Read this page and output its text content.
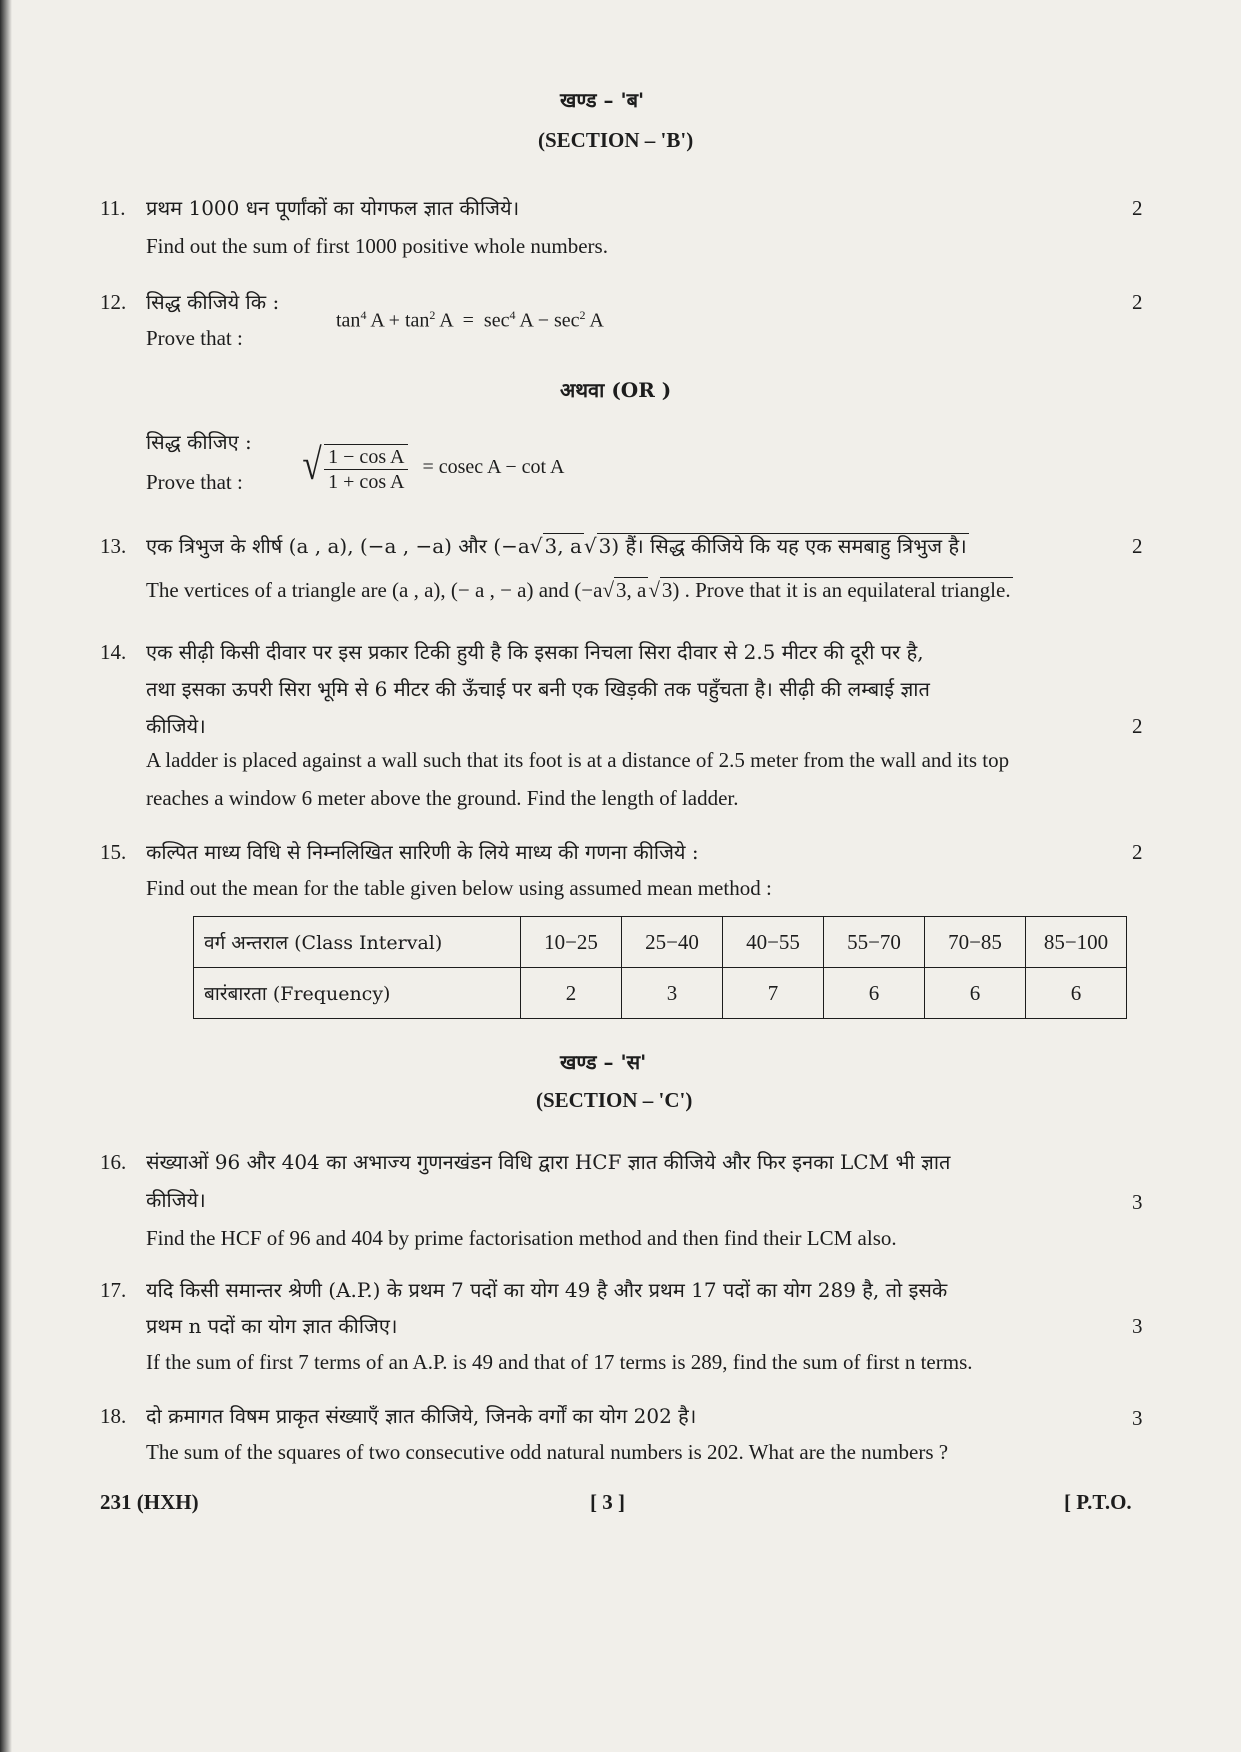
खण्ड – 'ब'
(SECTION – 'B')
11. प्रथम 1000 धन पूर्णांकों का योगफल ज्ञात कीजिये।	2
Find out the sum of first 1000 positive whole numbers.
12. सिद्ध कीजिये कि :	2
Prove that :
$\tan^4 A + \tan^2 A = \sec^4 A - \sec^2 A$
अथवा (OR )
सिद्ध कीजिए :
Prove that : √ $\frac{\text{1 − cos A}}{\text{1 + cos A}} = cosec$ A − cot A
13. एक त्रिभुज के शीर्ष (a , a), (−a , −a) और (−a√ 3, a √ 3) हैं। सिद्ध कीजिये कि यह एक समबाहु त्रिभुज है।	2
The vertices of a triangle are (a , a), (− a , − a) and (−a√3, a√3) . Prove that it is an equilateral triangle.
14. एक सीढ़ी किसी दीवार पर इस प्रकार टिकी हुयी है कि इसका निचला सिरा दीवार से 2.5 मीटर की दूरी पर है,
तथा इसका ऊपरी सिरा भूमि से 6 मीटर की ऊँचाई पर बनी एक खिड़की तक पहुँचता है। सीढ़ी की लम्बाई ज्ञात
कीजिये।	2
A ladder is placed against a wall such that its foot is at a distance of 2.5 meter from the wall and its top
reaches a window 6 meter above the ground. Find the length of ladder.
15. कल्पित माध्य विधि से निम्नलिखित सारिणी के लिये माध्य की गणना कीजिये :	2
Find out the mean for the table given below using assumed mean method :
वर्ग अन्तराल (Class Interval)	10−25	25−40	40−55	55−70	70−85	85−100
बारंबारता (Frequency)	2	3	7	6	6	6
खण्ड – 'स'
(SECTION – 'C')
16. संख्याओं 96 और 404 का अभाज्य गुणनखंडन विधि द्वारा HCF ज्ञात कीजिये और फिर इनका LCM भी ज्ञात
कीजिये।	3
Find the HCF of 96 and 404 by prime factorisation method and then find their LCM also.
17. यदि किसी समान्तर श्रेणी (A.P.) के प्रथम 7 पदों का योग 49 है और प्रथम 17 पदों का योग 289 है, तो इसके
प्रथम n पदों का योग ज्ञात कीजिए।	3
If the sum of first 7 terms of an A.P. is 49 and that of 17 terms is 289, find the sum of first n terms.
18. दो क्रमागत विषम प्राकृत संख्याएँ ज्ञात कीजिये, जिनके वर्गों का योग 202 है।	3
The sum of the squares of two consecutive odd natural numbers is 202. What are the numbers ?
231 (HXH)	[ 3 ]	[ P.T.O.
